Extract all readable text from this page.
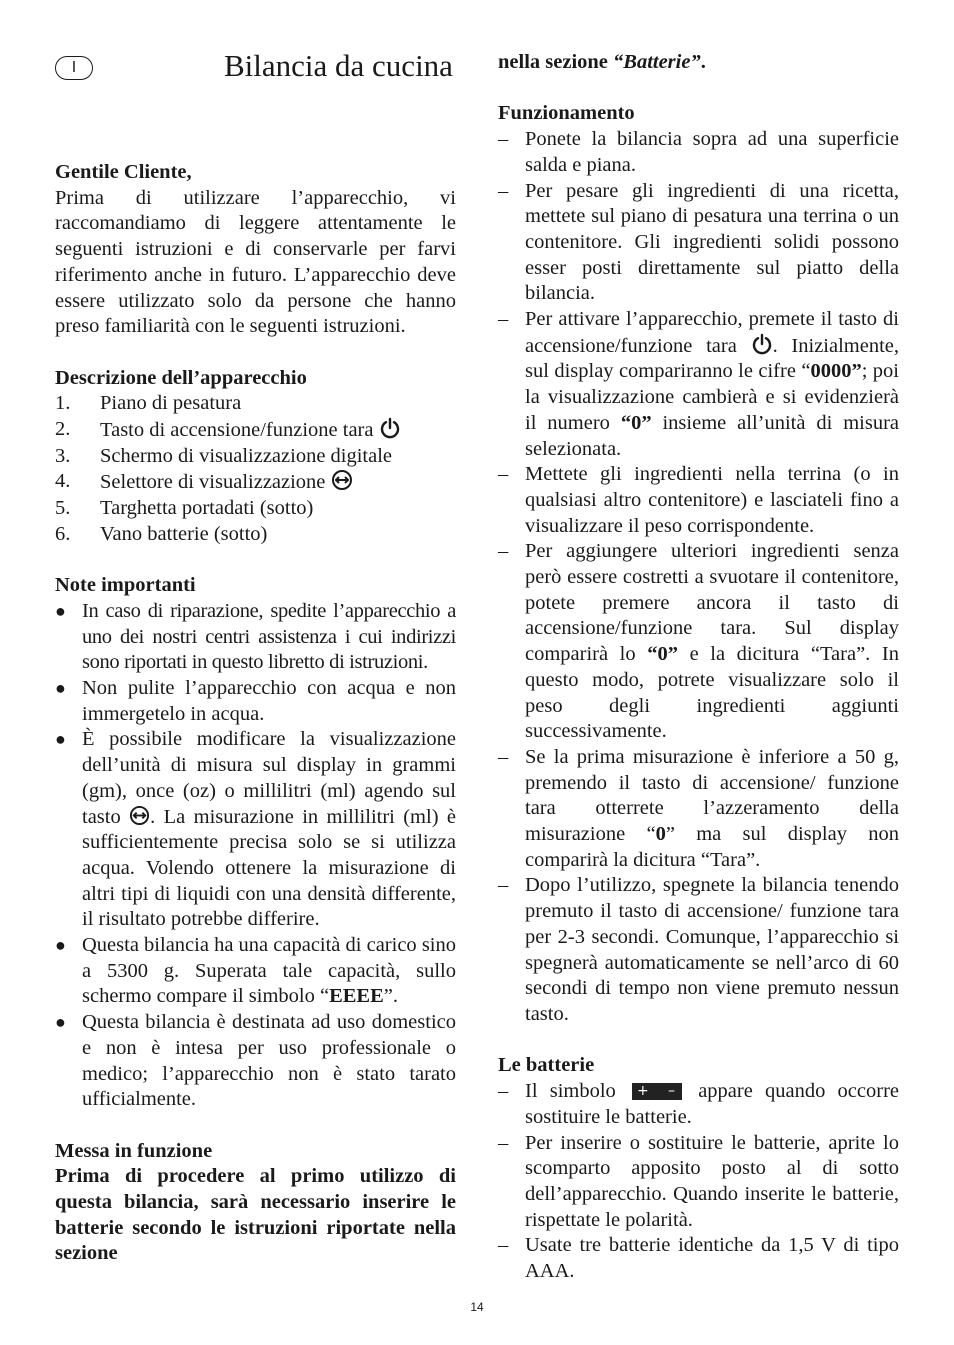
I	Bilancia da cucina
Gentile Cliente,
Prima di utilizzare l’apparecchio, vi raccomandiamo di leggere attentamente le seguenti istruzioni e di conservarle per farvi riferimento anche in futuro. L’apparecchio deve essere utilizzato solo da persone che hanno preso familiarità con le seguenti istruzioni.
Descrizione dell’apparecchio
1.	Piano di pesatura
2.	Tasto di accensione/funzione tara
3.	Schermo di visualizzazione digitale
4.	Selettore di visualizzazione
5.	Targhetta portadati (sotto)
6.	Vano batterie (sotto)
Note importanti
● In caso di riparazione, spedite l’apparecchio a uno dei nostri centri assistenza i cui indirizzi sono riportati in questo libretto di istruzioni.
● Non pulite l’apparecchio con acqua e non immergetelo in acqua.
● È possibile modificare la visualizzazione dell’unità di misura sul display in grammi (gm), once (oz) o millilitri (ml) agendo sul tasto . La misurazione in millilitri (ml) è sufficientemente precisa solo se si utilizza acqua. Volendo ottenere la misurazione di altri tipi di liquidi con una densità differente, il risultato potrebbe differire.
● Questa bilancia ha una capacità di carico sino a 5300 g. Superata tale capacità, sullo schermo compare il simbolo “EEEE”.
● Questa bilancia è destinata ad uso domestico e non è intesa per uso professionale o medico; l’apparecchio non è stato tarato ufficialmente.
Messa in funzione
Prima di procedere al primo utilizzo di questa bilancia, sarà necessario inserire le batterie secondo le istruzioni riportate nella sezione
nella sezione “Batterie”.
Funzionamento
– Ponete la bilancia sopra ad una superficie salda e piana.
– Per pesare gli ingredienti di una ricetta, mettete sul piano di pesatura una terrina o un contenitore. Gli ingredienti solidi possono esser posti direttamente sul piatto della bilancia.
– Per attivare l’apparecchio, premete il tasto di accensione/funzione tara . Inizialmente, sul display compariranno le cifre “0000”; poi la visualizzazione cambierà e si evidenzierà il numero “0” insieme all’unità di misura selezionata.
– Mettete gli ingredienti nella terrina (o in qualsiasi altro contenitore) e lasciateli fino a visualizzare il peso corrispondente.
– Per aggiungere ulteriori ingredienti senza però essere costretti a svuotare il contenitore, potete premere ancora il tasto di accensione/funzione tara. Sul display comparirà lo “0” e la dicitura “Tara”. In questo modo, potrete visualizzare solo il peso degli ingredienti aggiunti successivamente.
– Se la prima misurazione è inferiore a 50 g, premendo il tasto di accensione/ funzione tara otterrete l’azzeramento della misurazione “0” ma sul display non comparirà la dicitura “Tara”.
– Dopo l’utilizzo, spegnete la bilancia tenendo premuto il tasto di accensione/ funzione tara per 2-3 secondi. Comunque, l’apparecchio si spegnerà automaticamente se nell’arco di 60 secondi di tempo non viene premuto nessun tasto.
Le batterie
– Il simbolo + – appare quando occorre sostituire le batterie.
– Per inserire o sostituire le batterie, aprite lo scomparto apposito posto al di sotto dell’apparecchio. Quando inserite le batterie, rispettate le polarità.
– Usate tre batterie identiche da 1,5 V di tipo AAA.
14
